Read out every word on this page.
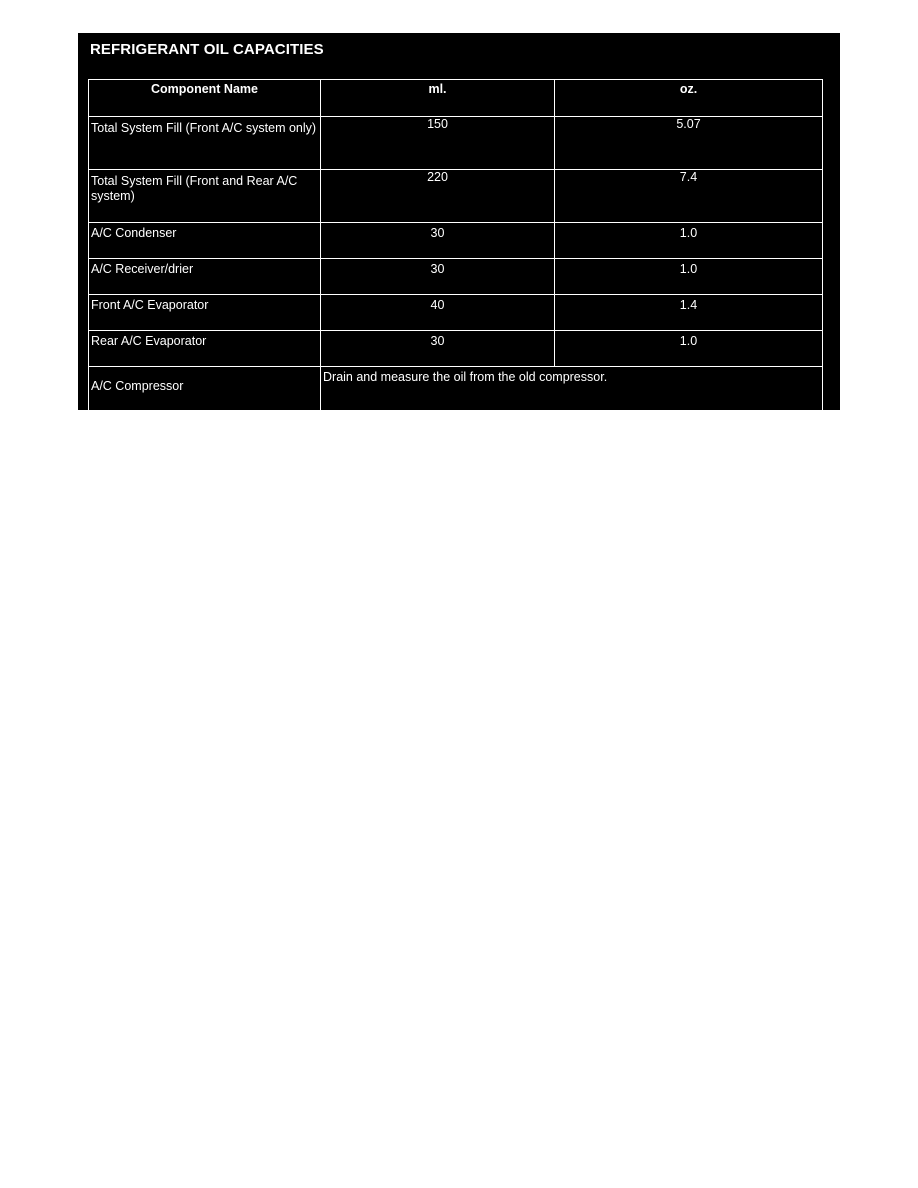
REFRIGERANT OIL CAPACITIES
Component Name	ml.	oz.
Total System Fill (Front A/C system only)	150	5.07
Total System Fill (Front and Rear A/C system)	220	7.4
A/C Condenser	30	1.0
A/C Receiver/drier	30	1.0
Front A/C Evaporator	40	1.4
Rear A/C Evaporator	30	1.0
A/C Compressor	Drain and measure the oil from the old compressor.	
